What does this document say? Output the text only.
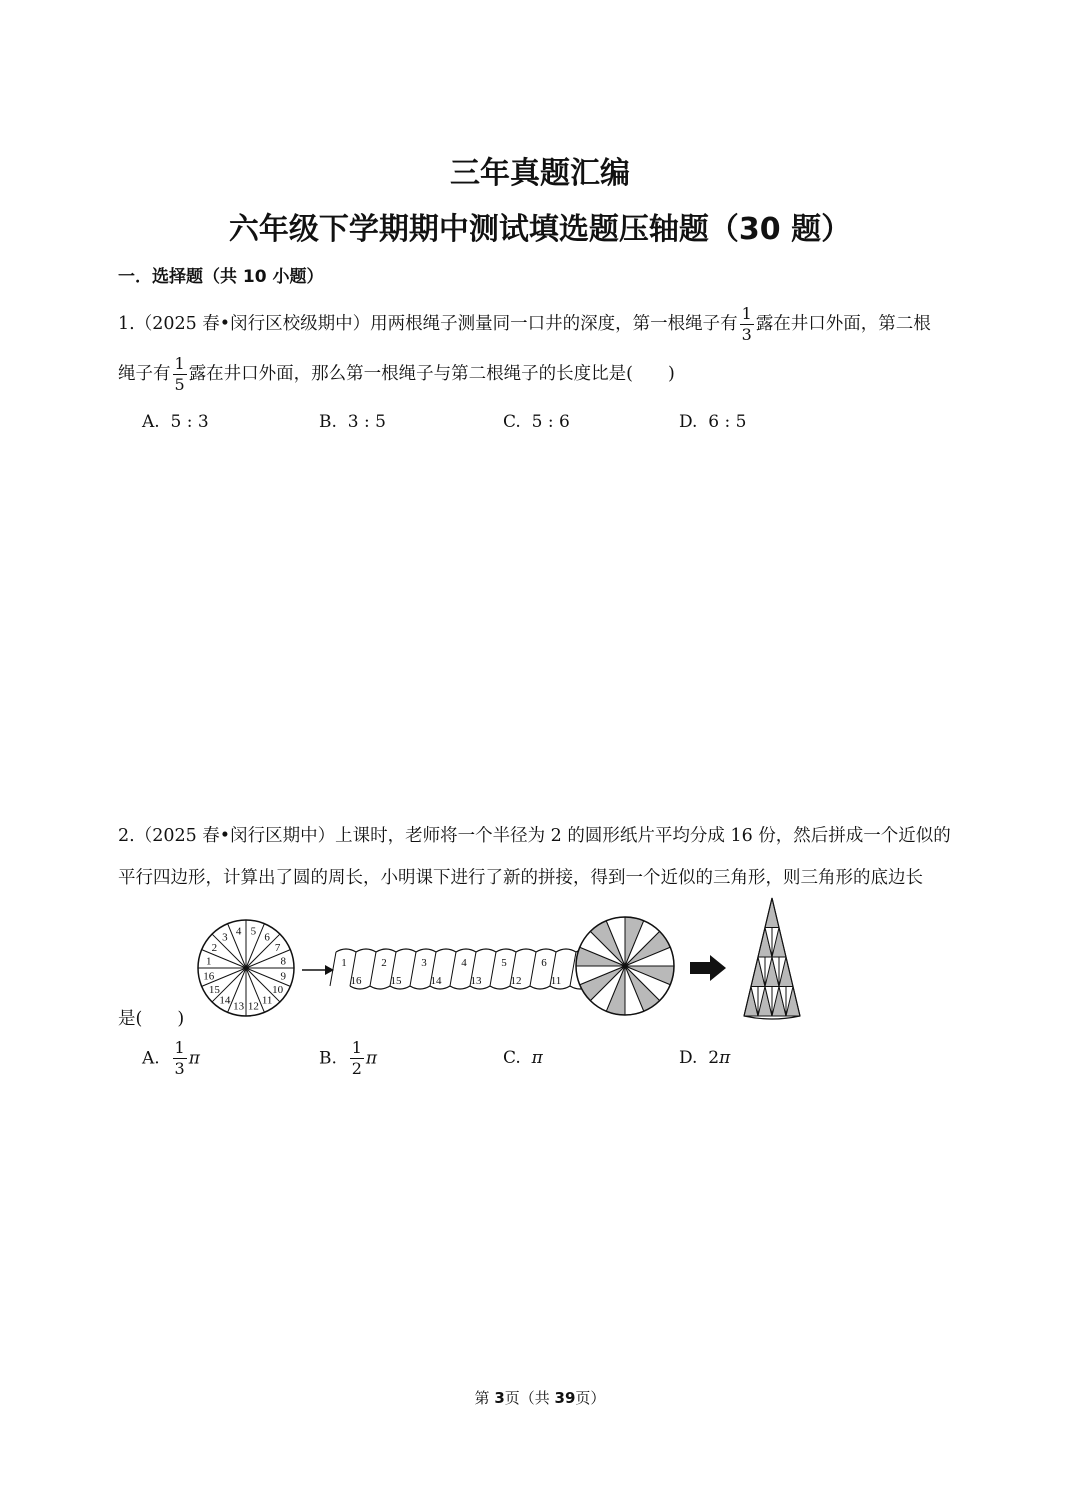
三年真题汇编
六年级下学期期中测试填选题压轴题（30 题）
一．选择题（共 10 小题）
1.（2025 春•闵行区校级期中）用两根绳子测量同一口井的深度，第一根绳子有 $\frac{1}{3}$ 露在井口外面，第二根
绳子有 $\frac{1}{5}$ 露在井口外面，那么第一根绳子与第二根绳子的长度比是(　　)
A. 5 : 3	B. 3 : 5	C. 5 : 6	D. 6 : 5
2.（2025 春•闵行区期中）上课时，老师将一个半径为 2 的圆形纸片平均分成 16 份，然后拼成一个近似的
平行四边形，计算出了圆的周长，小明课下进行了新的拼接，得到一个近似的三角形，则三角形的底边长
是(　　)
1
2
3 4 5 6
7
8
9
10
11
12
13
14
15
16
1	2	3	4	5	6
16	15	14	13	12	11
A. $\frac{1}{3}$ π	B. $\frac{1}{2}$ π	C. π	D. 2π
第 3页（共 39页）
